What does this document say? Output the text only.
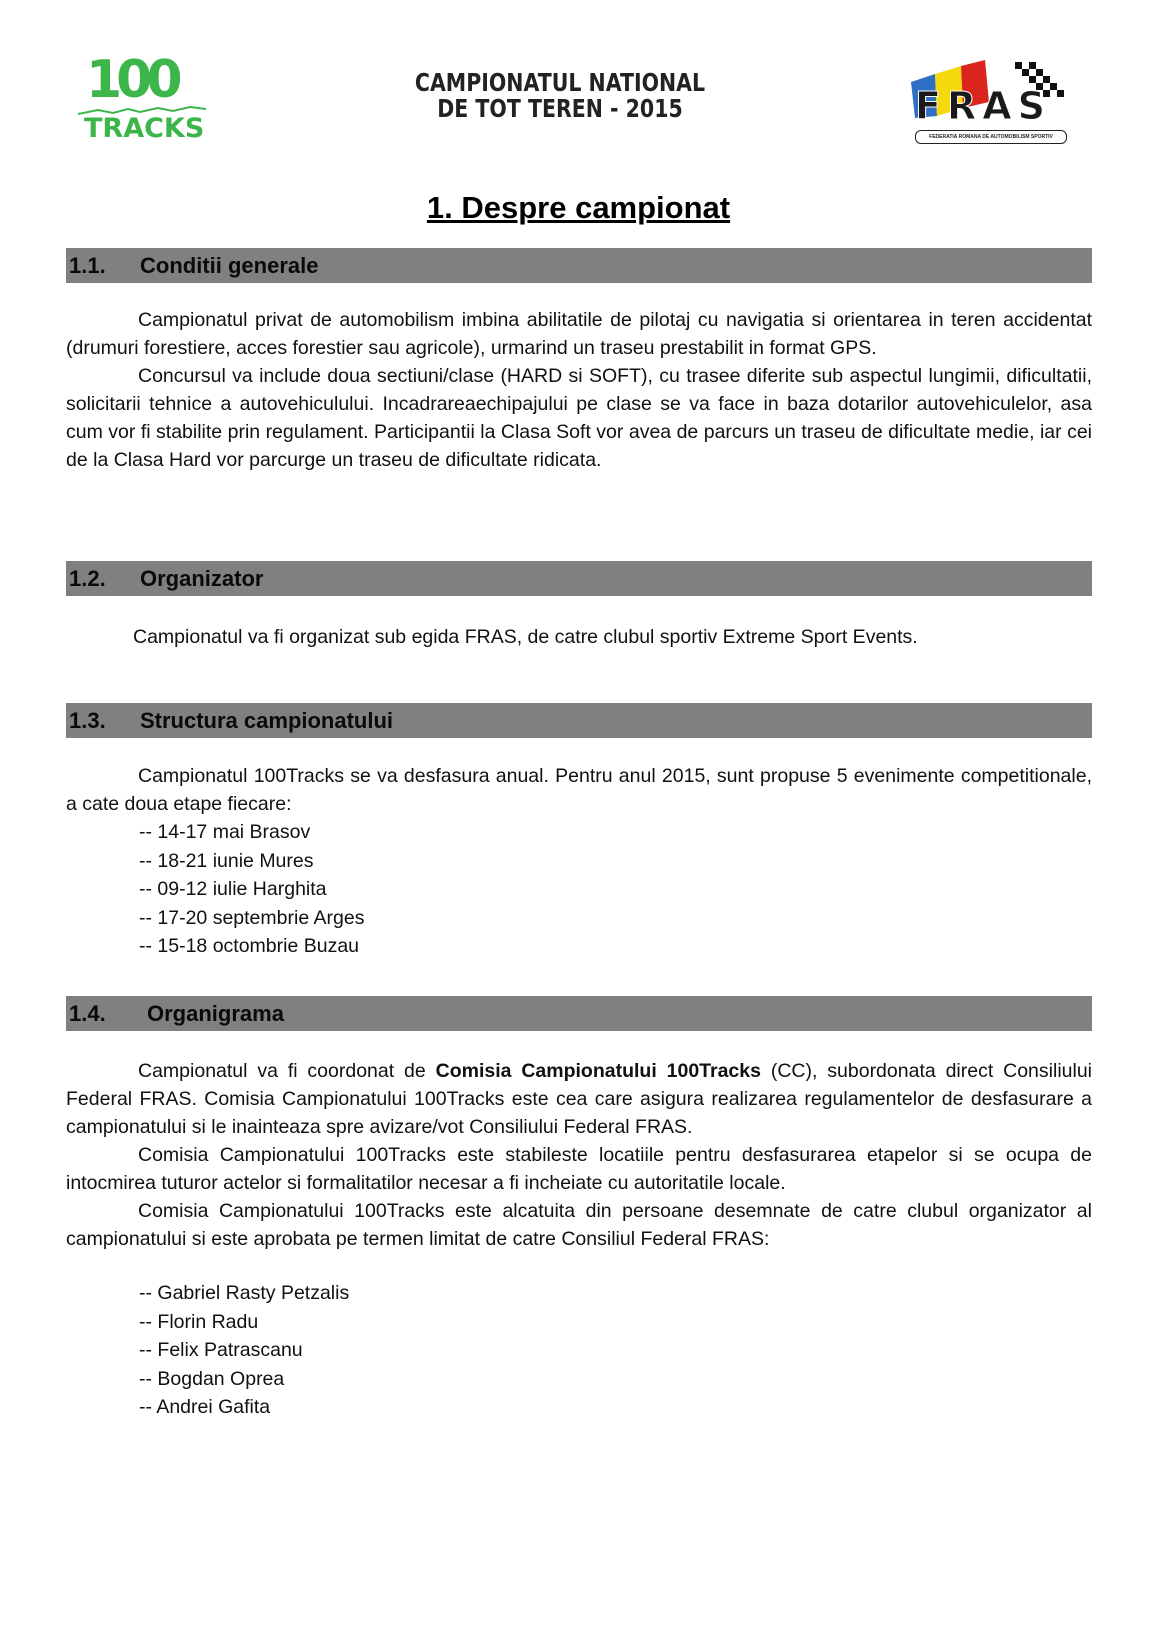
100
TRACKS
CAMPIONATUL NATIONAL
DE TOT TEREN - 2015	FRAS
FEDERATIA ROMANA DE AUTOMOBILISM SPORTIV
1. Despre campionat
1.1. Conditii generale

Campionatul privat de automobilism imbina abilitatile de pilotaj cu navigatia si orientarea in teren accidentat (drumuri forestiere, acces forestier sau agricole), urmarind un traseu prestabilit in format GPS.

Concursul va include doua sectiuni/clase (HARD si SOFT), cu trasee diferite sub aspectul lungimii, dificultatii, solicitarii tehnice a autovehiculului. Incadrareaechipajului pe clase se va face in baza dotarilor autovehiculelor, asa cum vor fi stabilite prin regulament. Participantii la Clasa Soft vor avea de parcurs un traseu de dificultate medie, iar cei de la Clasa Hard vor parcurge un traseu de dificultate ridicata.

1.2. Organizator

Campionatul va fi organizat sub egida FRAS, de catre clubul sportiv Extreme Sport Events.

1.3. Structura campionatului

Campionatul 100Tracks se va desfasura anual. Pentru anul 2015, sunt propuse 5 evenimente competitionale, a cate doua etape fiecare:

-- 14-17 mai Brasov
-- 18-21 iunie Mures
-- 09-12 iulie Harghita
-- 17-20 septembrie Arges
-- 15-18 octombrie Buzau
1.4. Organigrama

Campionatul va fi coordonat de Comisia Campionatului 100Tracks (CC), subordonata direct Consiliului Federal FRAS. Comisia Campionatului 100Tracks este cea care asigura realizarea regulamentelor de desfasurare a campionatului si le inainteaza spre avizare/vot Consiliului Federal FRAS.

Comisia Campionatului 100Tracks este stabileste locatiile pentru desfasurarea etapelor si se ocupa de intocmirea tuturor actelor si formalitatilor necesar a fi incheiate cu autoritatile locale.

Comisia Campionatului 100Tracks este alcatuita din persoane desemnate de catre clubul organizator al campionatului si este aprobata pe termen limitat de catre Consiliul Federal FRAS:

-- Gabriel Rasty Petzalis
-- Florin Radu
-- Felix Patrascanu
-- Bogdan Oprea
-- Andrei Gafita
